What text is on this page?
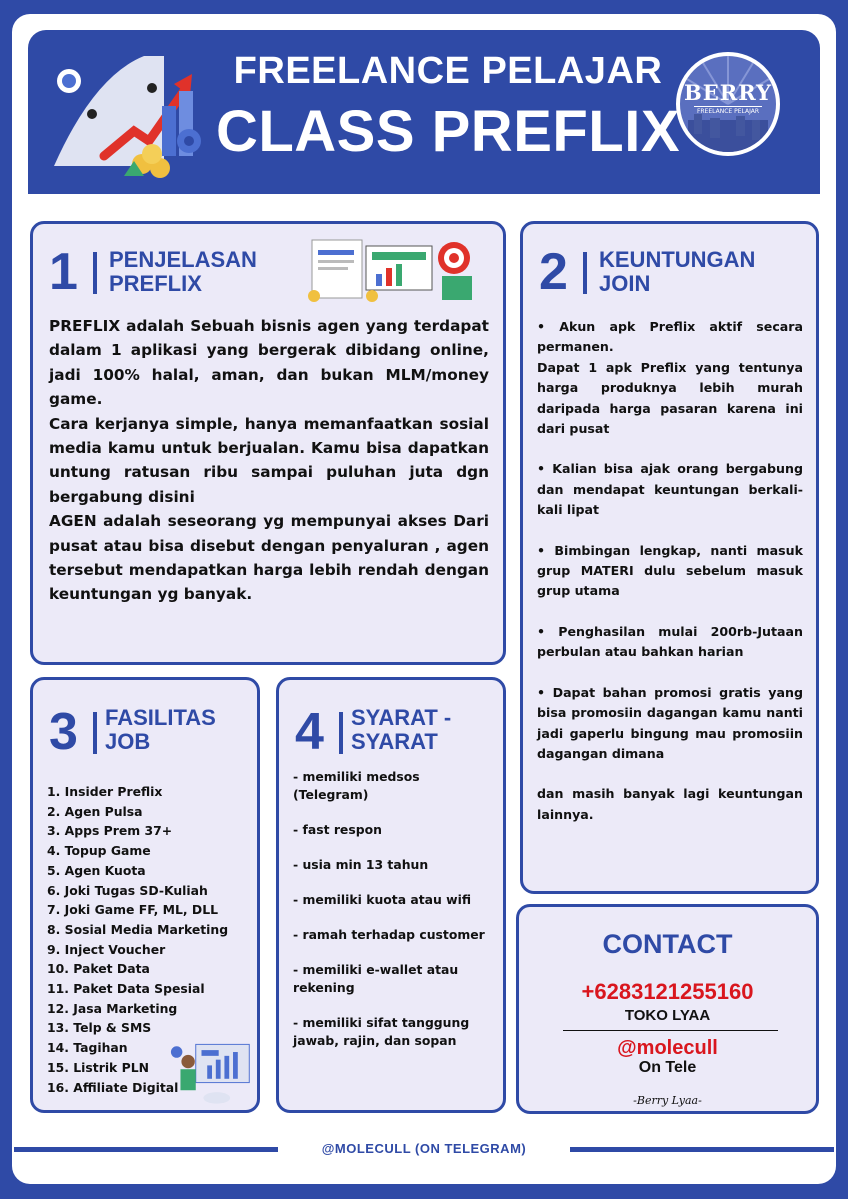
FREELANCE PELAJAR
CLASS PREFLIX
BERRY
FREELANCE PELAJAR
1 PENJELASAN
PREFLIX

PREFLIX adalah Sebuah bisnis agen yang terdapat dalam 1 aplikasi yang bergerak dibidang online, jadi 100% halal, aman, dan bukan MLM/money game.

Cara kerjanya simple, hanya memanfaatkan sosial media kamu untuk berjualan. Kamu bisa dapatkan untung ratusan ribu sampai puluhan juta dgn bergabung disini

AGEN adalah seseorang yg mempunyai akses Dari pusat atau bisa disebut dengan penyaluran , agen tersebut mendapatkan harga lebih rendah dengan keuntungan yg banyak.

2 KEUNTUNGAN
JOIN

• Akun apk Preflix aktif secara permanen.

Dapat 1 apk Preflix yang tentunya harga produknya lebih murah daripada harga pasaran karena ini dari pusat

• Kalian bisa ajak orang bergabung dan mendapat keuntungan berkali-kali lipat

• Bimbingan lengkap, nanti masuk grup MATERI dulu sebelum masuk grup utama

• Penghasilan mulai 200rb-Jutaan perbulan atau bahkan harian

• Dapat bahan promosi gratis yang bisa promosiin dagangan kamu nanti jadi gaperlu bingung mau promosiin dagangan dimana

dan masih banyak lagi keuntungan lainnya.

3 FASILITAS
JOB
1. Insider Preflix
2. Agen Pulsa
3. Apps Prem 37+
4. Topup Game
5. Agen Kuota
6. Joki Tugas SD-Kuliah
7. Joki Game FF, ML, DLL
8. Sosial Media Marketing
9. Inject Voucher
10. Paket Data
11. Paket Data Spesial
12. Jasa Marketing
13. Telp & SMS
14. Tagihan
15. Listrik PLN
16. Affiliate Digital
4 SYARAT -
SYARAT
- memiliki medsos (Telegram)
- fast respon
- usia min 13 tahun
- memiliki kuota atau wifi
- ramah terhadap customer
- memiliki e-wallet atau rekening
- memiliki sifat tanggung jawab, rajin, dan sopan
CONTACT
+6283121255160
TOKO LYAA
@molecull
On Tele
-Berry Lyaa-
@MOLECULL (ON TELEGRAM)
